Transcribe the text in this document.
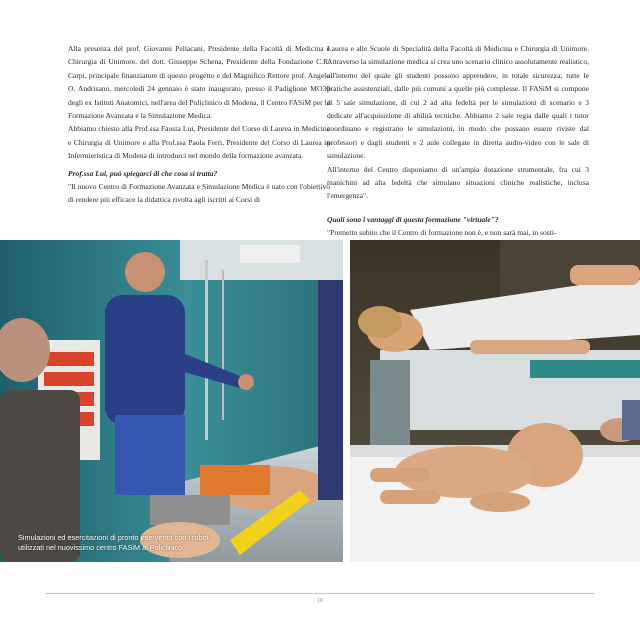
Alla presenza del prof. Giovanni Pellacani, Presidente della Facoltà di Medicina e Chirurgia di Unimore, del dott. Giuseppe Schena, Presidente della Fondazione C.R. Carpi, principale finanziatore di questo progetto e del Magnifico Rettore prof. Angelo O. Andrisano, mercoledì 24 gennaio è stato inaugurato, presso il Padiglione MO30 degli ex Istituti Anatomici, nell'area del Policlinico di Modena, il Centro FASiM per la Formazione Avanzata e la Simulazione Medica.

Abbiamo chiesto alla Prof.ssa Fausta Lui, Presidente del Corso di Laurea in Medicina e Chirurgia di Unimore e alla Prof.ssa Paola Ferri, Presidente del Corso di Laurea in Infermieristica di Modena di introdurci nel mondo della formazione avanzata.

Prof.ssa Lui, può spiegarci di che cosa si tratta?

"Il nuovo Centro di Formazione Avanzata e Simulazione Medica è nato con l'obiettivo di rendere più efficace la didattica rivolta agli iscritti ai Corsi di

Laurea e alle Scuole di Specialità della Facoltà di Medicina e Chirurgia di Unimore. Attraverso la simulazione medica si crea uno scenario clinico assolutamente realistico, all'interno del quale gli studenti possono apprendere, in totale sicurezza, tutte le pratiche assistenziali, dalle più comuni a quelle più complesse. Il FASiM si compone di 5 sale simulazione, di cui 2 ad alta fedeltà per le simulazioni di scenario e 3 dedicate all'acquisizione di abilità tecniche. Abbiamo 2 sale regia dalle quali i tutor coordinano e registrano le simulazioni, in modo che possano essere riviste dal professori e dagli studenti e 2 aule collegate in diretta audio-video con le sale di simulazione.

All'interno del Centro disponiamo di un'ampia dotazione strumentale, fra cui 3 manichini ad alta fedeltà che simulano situazioni cliniche realistiche, inclusa l'emergenza".

Quali sono i vantaggi di questa formazione "virtuale"?

"Premetto subito che il Centro di formazione non è, e non sarà mai, in sosti-

Simulazioni ed esercitazioni di pronto intervento con i robot
utilizzati nel nuovissimo centro FASiM al Policlinico
10
